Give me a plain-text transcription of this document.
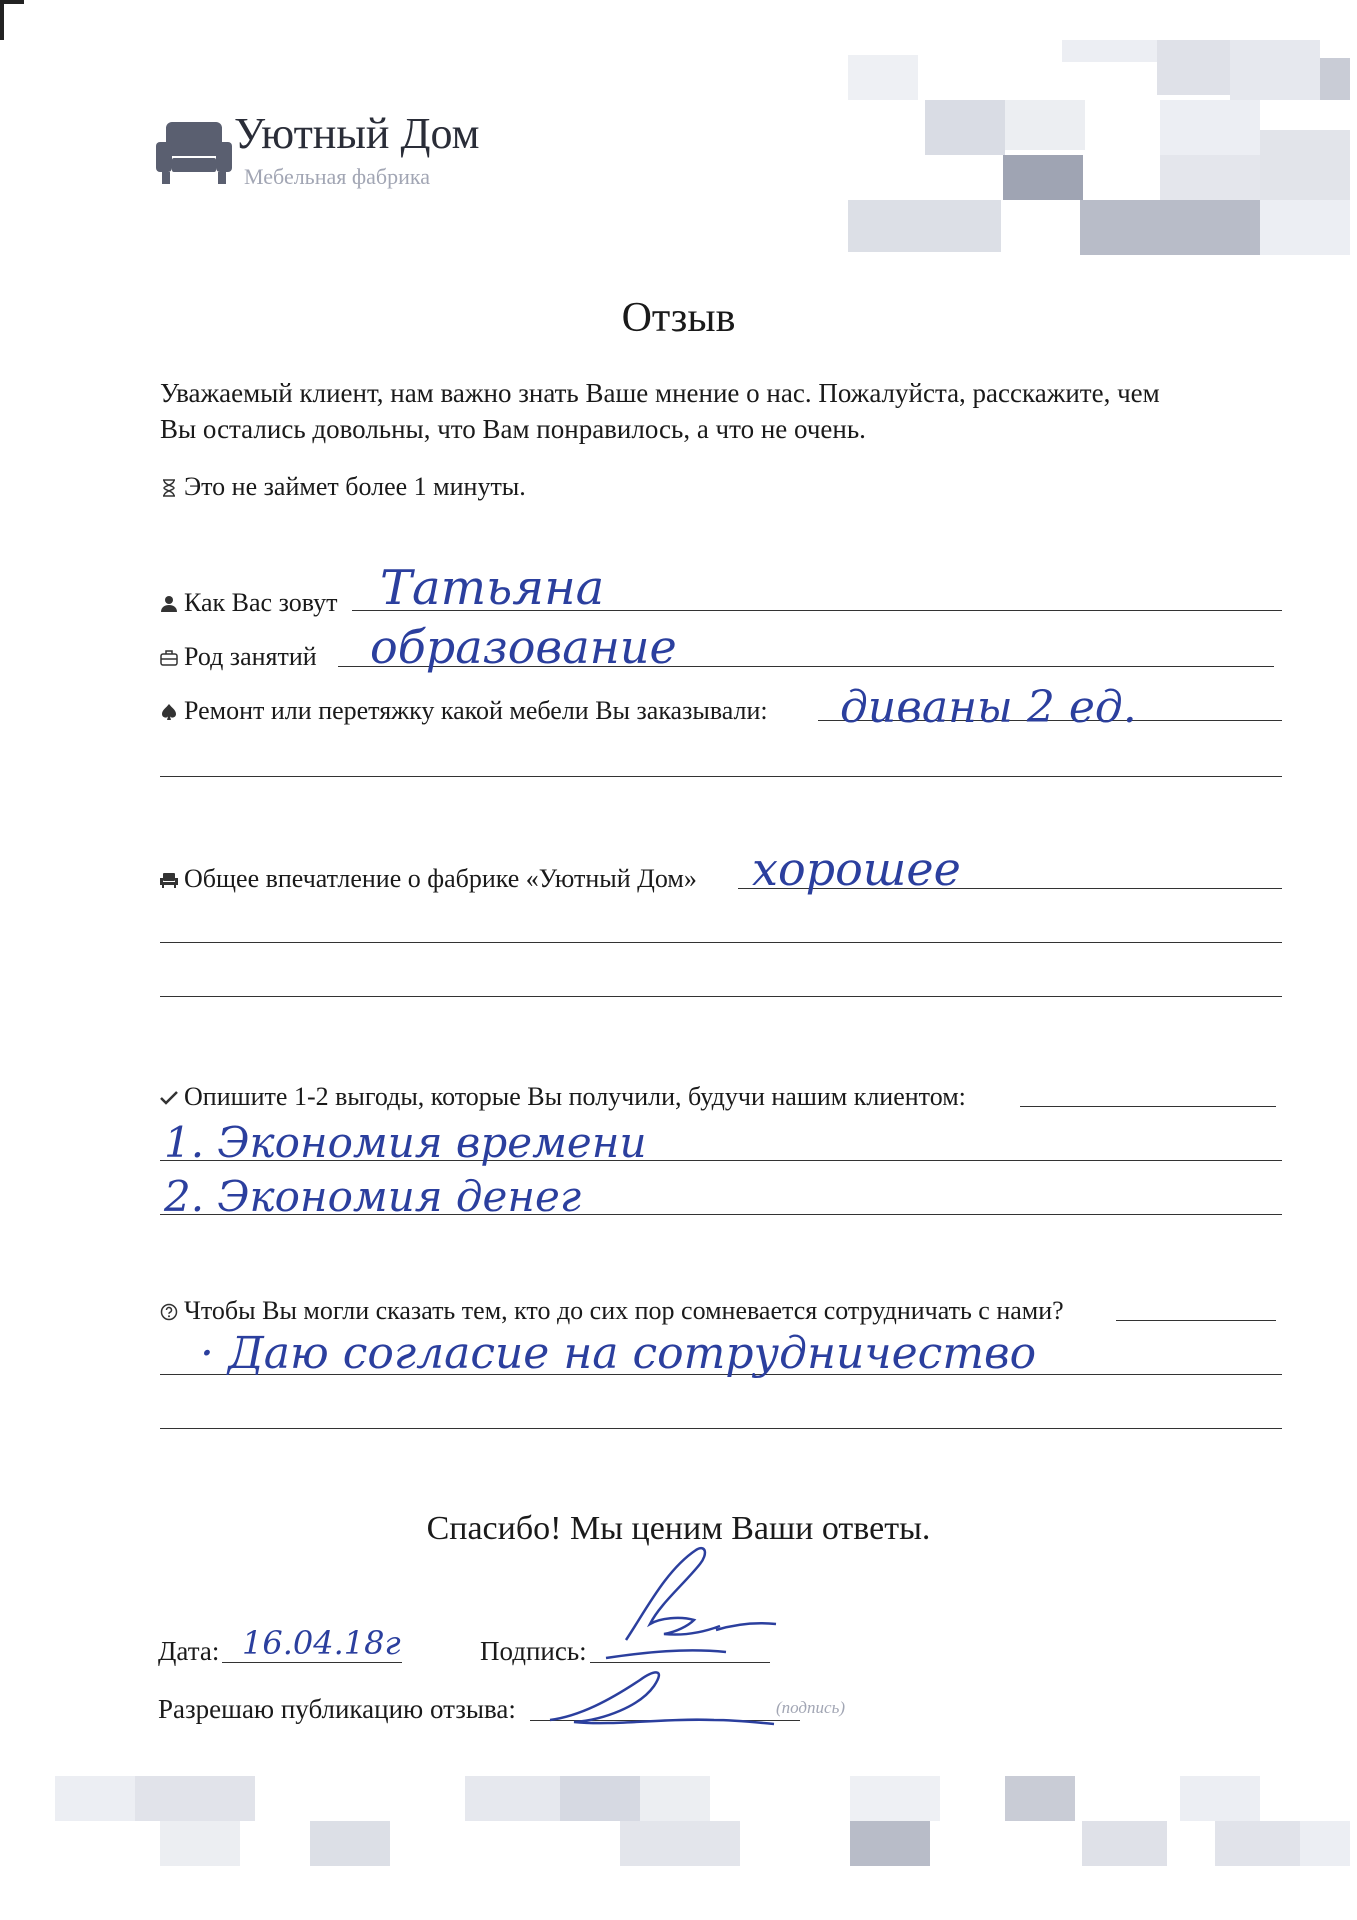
Уютный Дом
Мебельная фабрика
Отзыв
Уважаемый клиент, нам важно знать Ваше мнение о нас. Пожалуйста, расскажите, чем
Вы остались довольны, что Вам понравилось, а что не очень.
Это не займет более 1 минуты.
Как Вас зовут Татьяна
Род занятий образование
Ремонт или перетяжку какой мебели Вы заказывали: диваны 2 ед.
Общее впечатление о фабрике «Уютный Дом» хорошее
Опишите 1-2 выгоды, которые Вы получили, будучи нашим клиентом:
1. Экономия времени
2. Экономия денег
Чтобы Вы могли сказать тем, кто до сих пор сомневается сотрудничать с нами?
· Даю согласие на сотрудничество
Спасибо! Мы ценим Ваши ответы.
Дата: 16.04.18г	Подпись:
Разрешаю публикацию отзыва:	(подпись)
